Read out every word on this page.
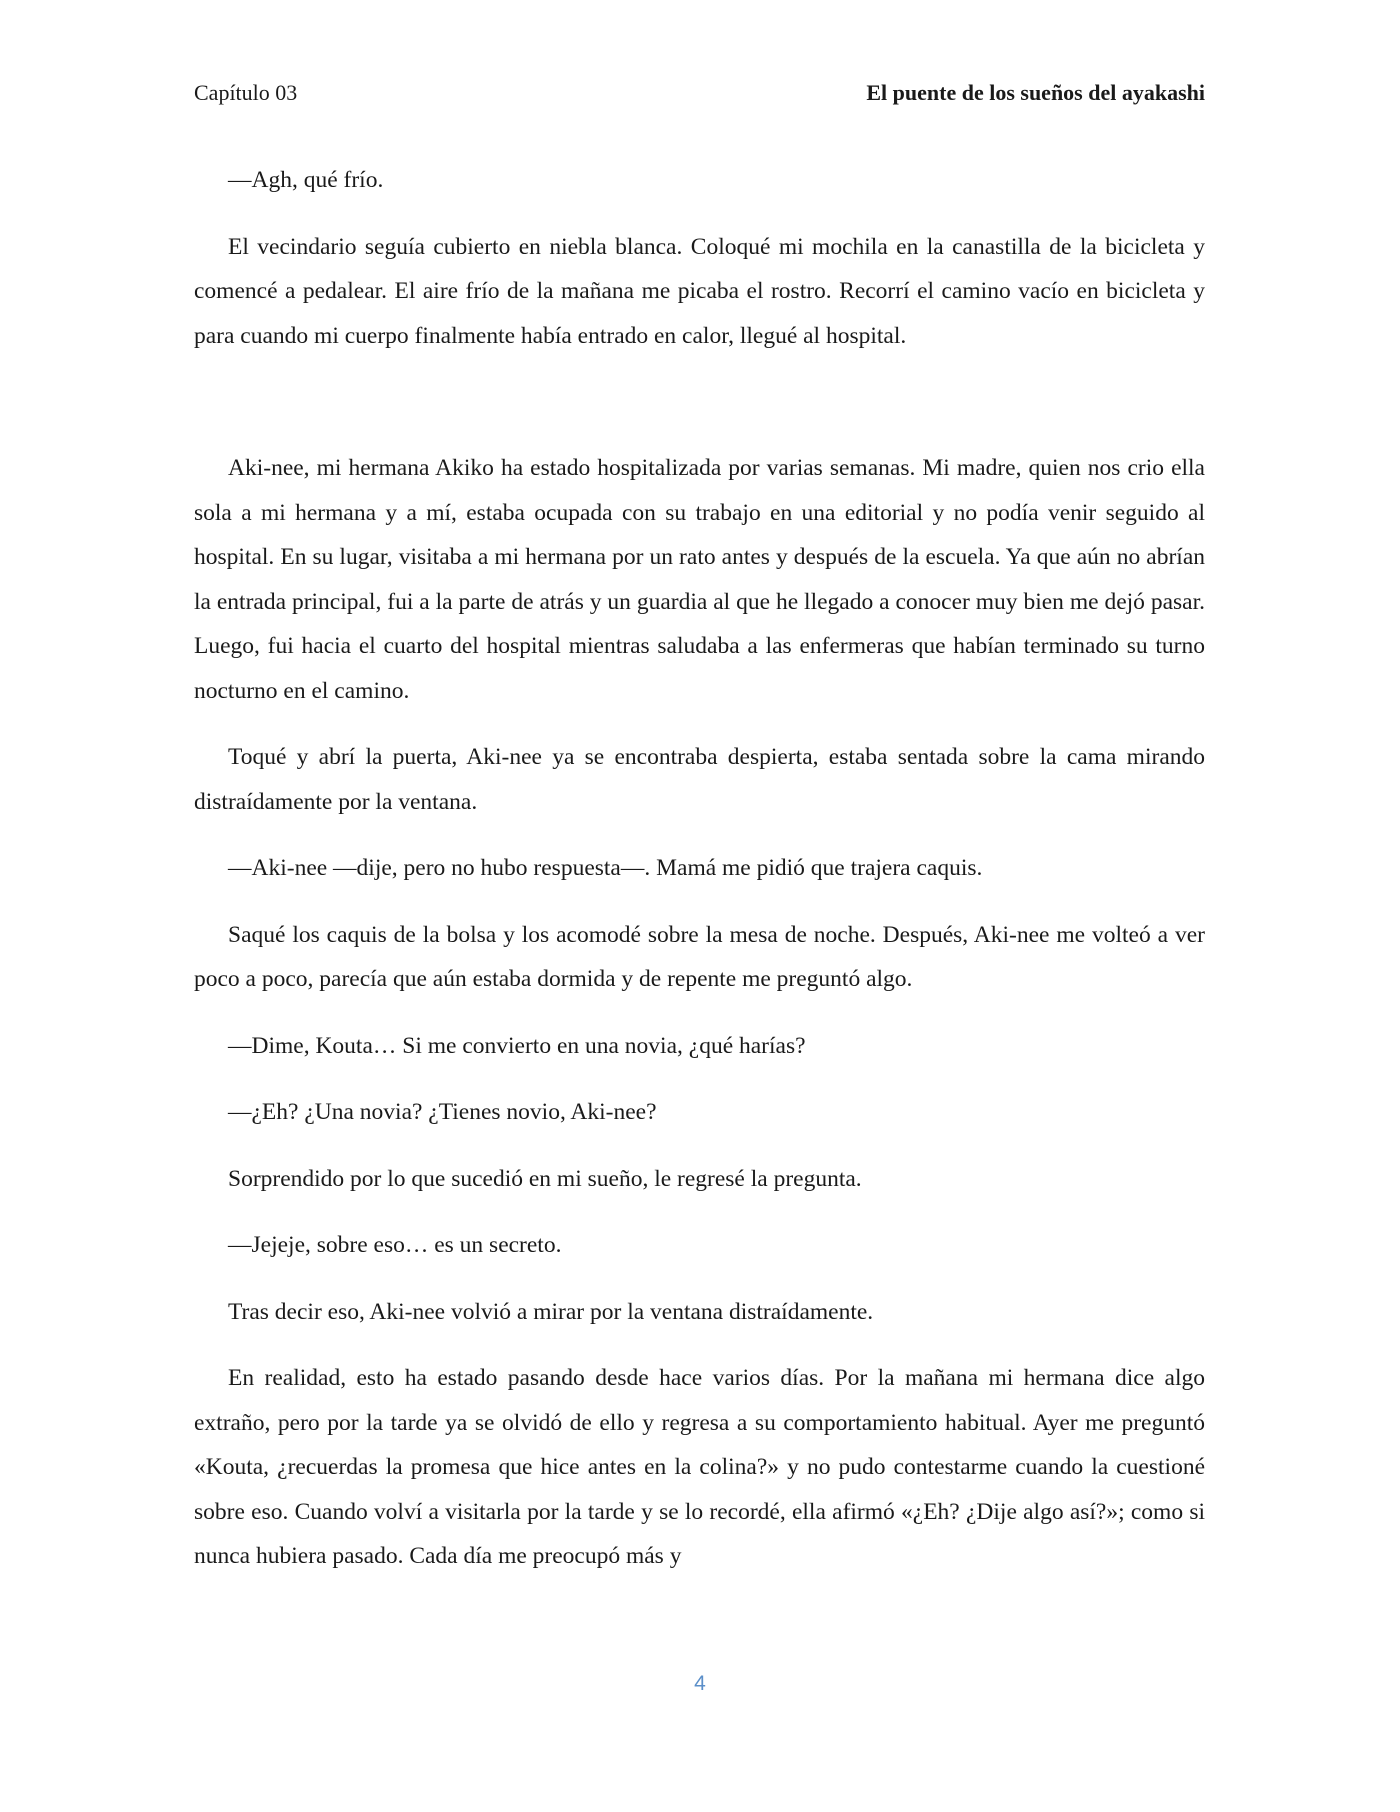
Capítulo 03	El puente de los sueños del ayakashi

—Agh, qué frío.

El vecindario seguía cubierto en niebla blanca. Coloqué mi mochila en la canastilla de la bicicleta y comencé a pedalear. El aire frío de la mañana me picaba el rostro. Recorrí el camino vacío en bicicleta y para cuando mi cuerpo finalmente había entrado en calor, llegué al hospital.

Aki-nee, mi hermana Akiko ha estado hospitalizada por varias semanas. Mi madre, quien nos crio ella sola a mi hermana y a mí, estaba ocupada con su trabajo en una editorial y no podía venir seguido al hospital. En su lugar, visitaba a mi hermana por un rato antes y después de la escuela. Ya que aún no abrían la entrada principal, fui a la parte de atrás y un guardia al que he llegado a conocer muy bien me dejó pasar. Luego, fui hacia el cuarto del hospital mientras saludaba a las enfermeras que habían terminado su turno nocturno en el camino.

Toqué y abrí la puerta, Aki-nee ya se encontraba despierta, estaba sentada sobre la cama mirando distraídamente por la ventana.

—Aki-nee —dije, pero no hubo respuesta—. Mamá me pidió que trajera caquis.

Saqué los caquis de la bolsa y los acomodé sobre la mesa de noche. Después, Aki-nee me volteó a ver poco a poco, parecía que aún estaba dormida y de repente me preguntó algo.

—Dime, Kouta… Si me convierto en una novia, ¿qué harías?

—¿Eh? ¿Una novia? ¿Tienes novio, Aki-nee?

Sorprendido por lo que sucedió en mi sueño, le regresé la pregunta.

—Jejeje, sobre eso… es un secreto.

Tras decir eso, Aki-nee volvió a mirar por la ventana distraídamente.

En realidad, esto ha estado pasando desde hace varios días. Por la mañana mi hermana dice algo extraño, pero por la tarde ya se olvidó de ello y regresa a su comportamiento habitual. Ayer me preguntó «Kouta, ¿recuerdas la promesa que hice antes en la colina?» y no pudo contestarme cuando la cuestioné sobre eso. Cuando volví a visitarla por la tarde y se lo recordé, ella afirmó «¿Eh? ¿Dije algo así?»; como si nunca hubiera pasado. Cada día me preocupó más y

4
